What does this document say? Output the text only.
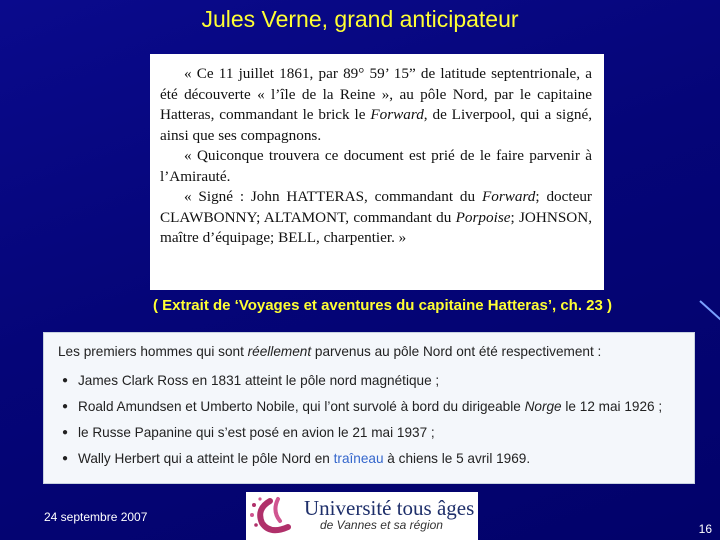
Jules Verne, grand anticipateur

« Ce 11 juillet 1861, par 89° 59’ 15” de latitude septentrionale, a été découverte « l’île de la Reine », au pôle Nord, par le capitaine Hatteras, commandant le brick le Forward, de Liverpool, qui a signé, ainsi que ses compagnons.

« Quiconque trouvera ce document est prié de le faire parvenir à l’Amirauté.

« Signé : John HATTERAS, commandant du Forward; docteur CLAWBONNY; ALTAMONT, commandant du Porpoise; JOHNSON, maître d’équipage; BELL, charpentier. »

( Extrait de ‘Voyages et aventures du capitaine Hatteras’, ch. 23 )

Les premiers hommes qui sont réellement parvenus au pôle Nord ont été respectivement :

● James Clark Ross en 1831 atteint le pôle nord magnétique ;
● Roald Amundsen et Umberto Nobile, qui l’ont survolé à bord du dirigeable Norge le 12 mai 1926 ;
● le Russe Papanine qui s’est posé en avion le 21 mai 1937 ;
● Wally Herbert qui a atteint le pôle Nord en traîneau à chiens le 5 avril 1969.
24 septembre 2007	Université tous âges
de Vannes et sa région	16
